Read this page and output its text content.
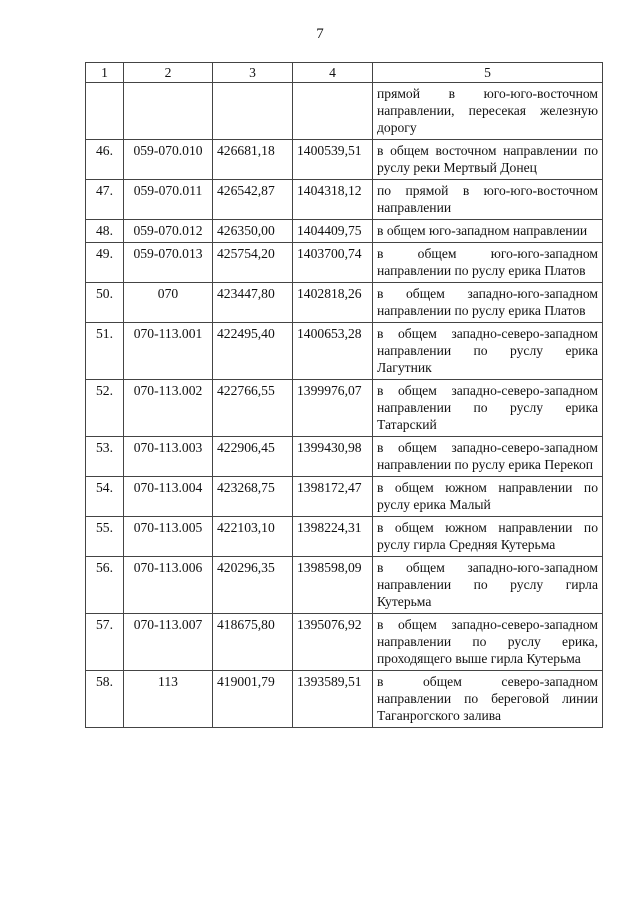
7
1	2	3	4	5
				прямой в юго-юго-восточном направлении, пересекая железную дорогу
46.	059-070.010	426681,18	1400539,51	в общем восточном направлении по руслу реки Мертвый Донец
47.	059-070.011	426542,87	1404318,12	по прямой в юго-юго-восточном направлении
48.	059-070.012	426350,00	1404409,75	в общем юго-западном направлении
49.	059-070.013	425754,20	1403700,74	в общем юго-юго-западном направлении по руслу ерика Платов
50.	070	423447,80	1402818,26	в общем западно-юго-западном направлении по руслу ерика Платов
51.	070-113.001	422495,40	1400653,28	в общем западно-северо-западном направлении по руслу ерика Лагутник
52.	070-113.002	422766,55	1399976,07	в общем западно-северо-западном направлении по руслу ерика Татарский
53.	070-113.003	422906,45	1399430,98	в общем западно-северо-западном направлении по руслу ерика Перекоп
54.	070-113.004	423268,75	1398172,47	в общем южном направлении по руслу ерика Малый
55.	070-113.005	422103,10	1398224,31	в общем южном направлении по руслу гирла Средняя Кутерьма
56.	070-113.006	420296,35	1398598,09	в общем западно-юго-западном направлении по руслу гирла Кутерьма
57.	070-113.007	418675,80	1395076,92	в общем западно-северо-западном направлении по руслу ерика, проходящего выше гирла Кутерьма
58.	113	419001,79	1393589,51	в общем северо-западном направлении по береговой линии Таганрогского залива
